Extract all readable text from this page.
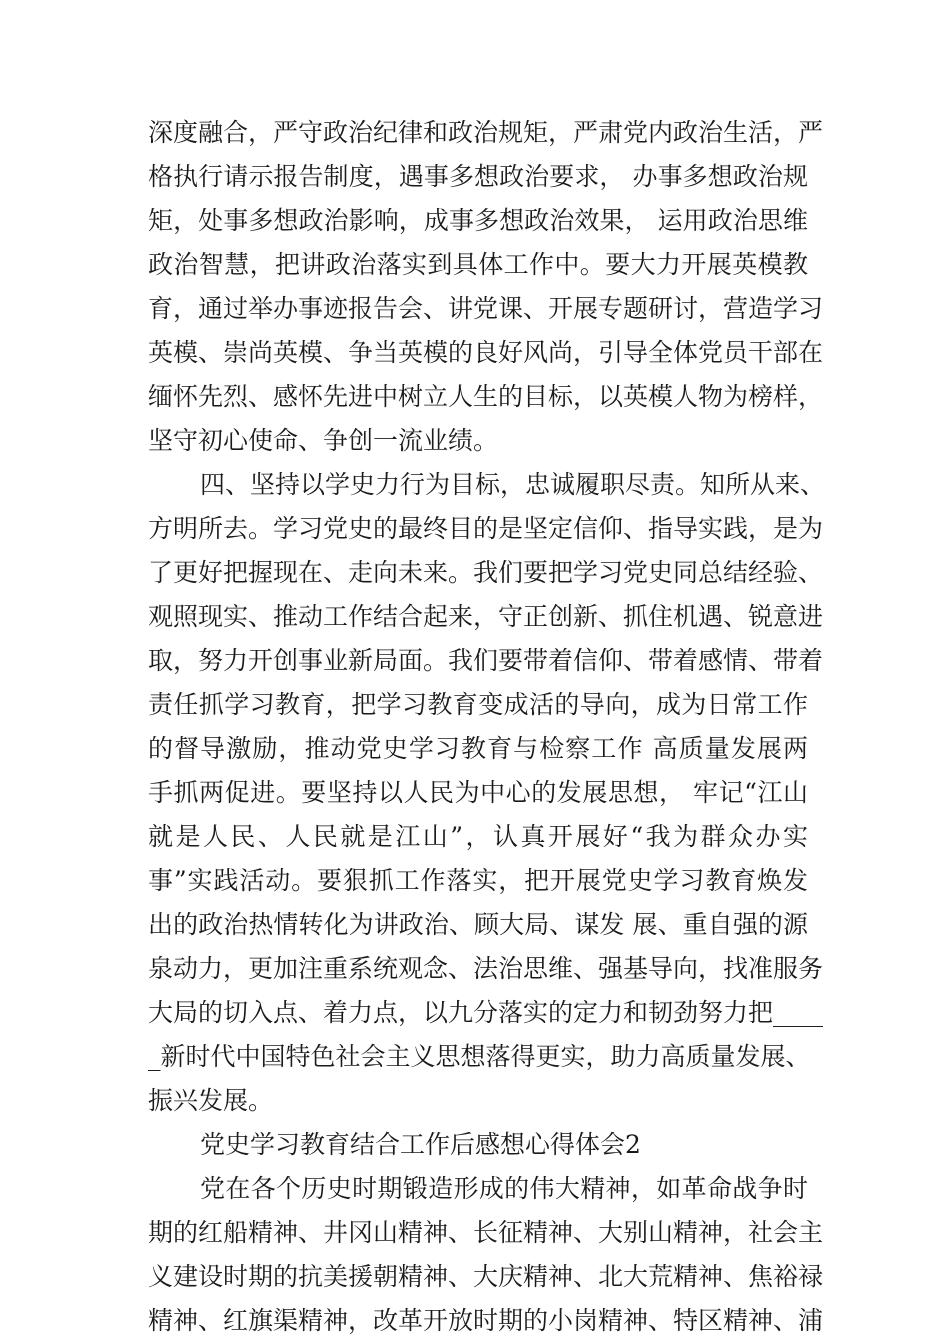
深度融合，严守政治纪律和政治规矩，严肃党内政治生活，严
格执行请示报告制度，遇事多想政治要求， 办事多想政治规
矩，处事多想政治影响，成事多想政治效果， 运用政治思维
政治智慧，把讲政治落实到具体工作中。要大力开展英模教
育，通过举办事迹报告会、讲党课、开展专题研讨，营造学习
英模、崇尚英模、争当英模的良好风尚，引导全体党员干部在
缅怀先烈、感怀先进中树立人生的目标，以英模人物为榜样，
坚守初心使命、争创一流业绩。
四、坚持以学史力行为目标，忠诚履职尽责。知所从来、
方明所去。学习党史的最终目的是坚定信仰、指导实践，是为
了更好把握现在、走向未来。我们要把学习党史同总结经验、
观照现实、推动工作结合起来，守正创新、抓住机遇、锐意进
取，努力开创事业新局面。我们要带着信仰、带着感情、带着
责任抓学习教育，把学习教育变成活的导向，成为日常工作
的督导激励，推动党史学习教育与检察工作 高质量发展两
手抓两促进。要坚持以人民为中心的发展思想， 牢记“江山
就是人民、人民就是江山”，认真开展好“我为群众办实
事”实践活动。要狠抓工作落实，把开展党史学习教育焕发
出的政治热情转化为讲政治、顾大局、谋发 展、重自强的源
泉动力，更加注重系统观念、法治思维、强基导向，找准服务
大局的切入点、着力点，以九分落实的定力和韧劲努力把____
_新时代中国特色社会主义思想落得更实，助力高质量发展、
振兴发展。
党史学习教育结合工作后感想心得体会2
党在各个历史时期锻造形成的伟大精神，如革命战争时
期的红船精神、井冈山精神、长征精神、大别山精神，社会主
义建设时期的抗美援朝精神、大庆精神、北大荒精神、焦裕禄
精神、红旗渠精神，改革开放时期的小岗精神、特区精神、浦
